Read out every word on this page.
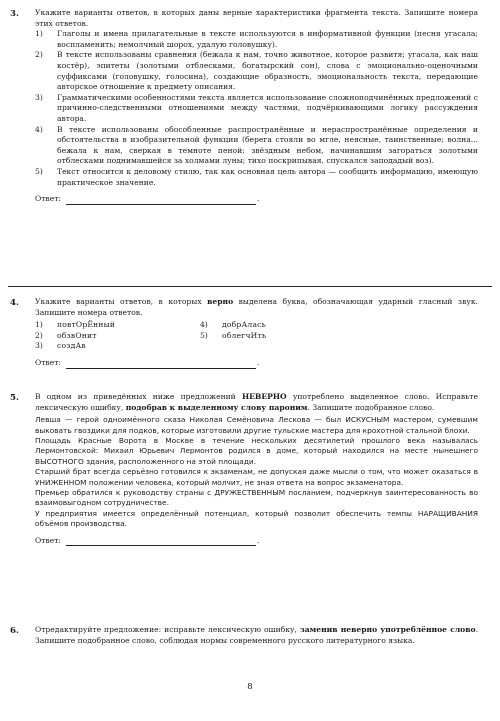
3. Укажите варианты ответов, в которых даны верные характеристики фрагмента текста. Запишите номера этих ответов.

1)	Глаголы и имена прилагательные в тексте используются в информативной функции (песня угасала; воспламенить; немолчный шорох, удалую головушку).
2)	В тексте использованы сравнения (бежала к нам, точно животное, которое развитя; угасала, как наш костёр), эпитеты (золотыми отблесками, богатырский сон), слова с эмоционально-оценочными суффиксами (головушку, голосина), создающие образность, эмоциональность текста, передающие авторское отношение к предмету описания.
3)	Грамматическими особенностями текста является использование сложноподчинённых предложений с причинно-следственными отношениями между частями, подчёркивающими логику рассуждения автора.
4)	В тексте использованы обособленные распространённые и нераспространённые определения и обстоятельства в изобразительной функции (берега стояли во мгле, неясные, таинственные; волна... бежала к нам, сверкая в темноте пеной; звёздным небом, начинавшим загораться золотыми отблесками поднимавшейся за холмами луны; тихо поскрипывая, спускался заподадый воз).
5)	Текст относится к деловому стилю, так как основная цель автора — сообщить информацию, имеющую практическое значение.
Ответ:	.
4. Укажите варианты ответов, в которых верно выделена буква, обозначающая ударный гласный звук. Запишите номера ответов.

1)	повтОрЁнный	4)	добрАлась
2)	обзвОнит	5)	облегчИть
3)	создАв
Ответ:	.
5. В одном из приведённых ниже предложений НЕВЕРНО употреблено выделенное слово. Исправьте лексическую ошибку, подобрав к выделенному слову пароним. Запишите подобранное слово.

Левша — герой одноимённого сказа Николая Семёновича Лескова — был ИСКУСНЫМ мастером, сумевшим выковать гвоздики для подков, которые изготовили другие тульские мастера для крохотной стальной блохи.

Площадь Красные Ворота в Москве в течение нескольких десятилетий прошлого века называлась Лермонтовской: Михаил Юрьевич Лермонтов родился в доме, который находился на месте нынешнего ВЫСОТНОГО здания, расположенного на этой площади.

Старший брат всегда серьёзно готовился к экзаменам, не допуская даже мысли о том, что может оказаться в УНИЖЕННОМ положении человека, который молчит, не зная ответа на вопрос экзаменатора.

Премьер обратился к руководству страны с ДРУЖЕСТВЕННЫМ посланием, подчеркнув заинтересованность во взаимовыгодном сотрудничестве.

У предприятия имеется определённый потенциал, который позволит обеспечить темпы НАРАЩИВАНИЯ объёмов производства.

Ответ:	.
6. Отредактируйте предложение: исправьте лексическую ошибку, заменив неверно употреблённое слово. Запишите подобранное слово, соблюдая нормы современного русского литературного языка.

8
